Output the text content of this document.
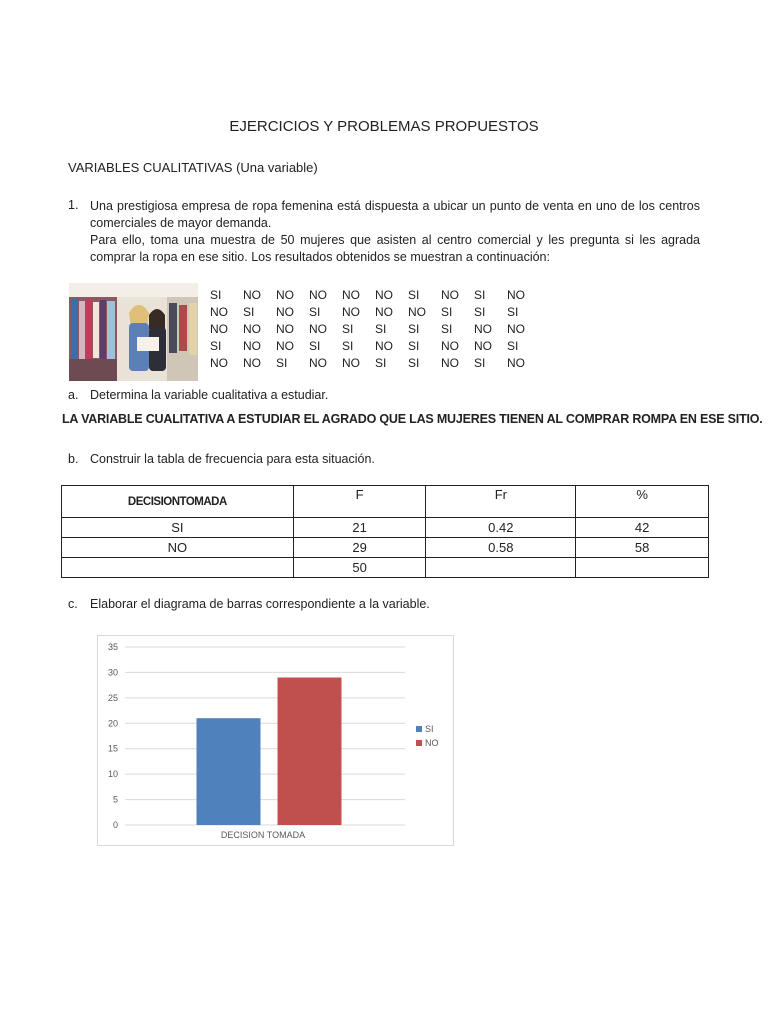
EJERCICIOS Y PROBLEMAS PROPUESTOS
VARIABLES CUALITATIVAS (Una variable)
1. Una prestigiosa empresa de ropa femenina está dispuesta a ubicar un punto de venta en uno de los centros comerciales de mayor demanda.

Para ello, toma una muestra de 50 mujeres que asisten al centro comercial y les pregunta si les agrada comprar la ropa en ese sitio. Los resultados obtenidos se muestran a continuación:

SI	NO	NO	NO	NO	NO	SI	NO	SI	NO
NO	SI	NO	SI	NO	NO	NO	SI	SI	SI
NO	NO	NO	NO	SI	SI	SI	SI	NO	NO
SI	NO	NO	SI	SI	NO	SI	NO	NO	SI
NO	NO	SI	NO	NO	SI	SI	NO	SI	NO
a. Determina la variable cualitativa a estudiar.
LA VARIABLE CUALITATIVA A ESTUDIAR EL AGRADO QUE LAS MUJERES TIENEN AL COMPRAR ROMPA EN ESE SITIO.
b. Construir la tabla de frecuencia para esta situación.
DECISIONTOMADA	F	Fr	%
SI	21	0.42	42
NO	29	0.58	58
	50		
c. Elaborar el diagrama de barras correspondiente a la variable.
0
5
10
15
20
25
30
35
DECISION TOMADA
SI
NO
